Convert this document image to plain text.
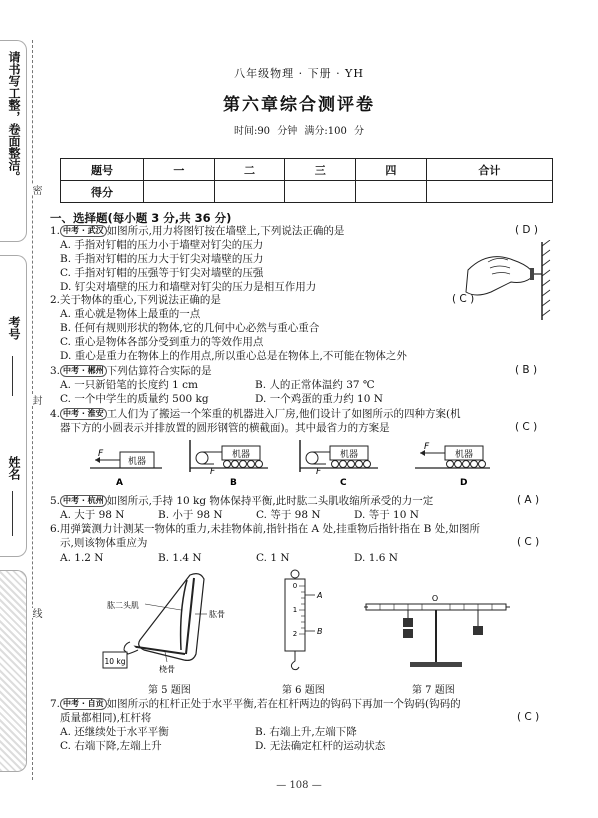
请书写工整，卷面整洁。
考号
姓名
密
封
线
八年级物理 · 下册 · YH
第六章综合测评卷
时间:90 分钟 满分:100 分
题号	一	二	三	四	合计
得分					
一、选择题(每小题 3 分,共 36 分)
1. 中考 · 武汉 如图所示,用力将图钉按在墙壁上,下列说法正确的是	( D )
A. 手指对钉帽的压力小于墙壁对钉尖的压力
B. 手指对钉帽的压力大于钉尖对墙壁的压力
C. 手指对钉帽的压强等于钉尖对墙壁的压强
D. 钉尖对墙壁的压力和墙壁对钉尖的压力是相互作用力
2.关于物体的重心,下列说法正确的是	( C )
A. 重心就是物体上最重的一点
B. 任何有规则形状的物体,它的几何中心必然与重心重合
C. 重心是物体各部分受到重力的等效作用点
D. 重心是重力在物体上的作用点,所以重心总是在物体上,不可能在物体之外
3. 中考 · 郴州 下列估算符合实际的是	( B )
A. 一只新铅笔的长度约 1 cm	B. 人的正常体温约 37 ℃
C. 一个中学生的质量约 500 kg	D. 一个鸡蛋的重力约 10 N
4. 中考 · 淮安 工人们为了搬运一个笨重的机器进入厂房,他们设计了如图所示的四种方案(机
器下方的小圆表示并排放置的圆形钢管的横截面)。其中最省力的方案是	( C )
机器
F
A
机器
F
B
机器
F
C
机器
F
D
5. 中考 · 杭州 如图所示,手持 10 kg 物体保持平衡,此时肱二头肌收缩所承受的力一定	( A )
A. 大于 98 N	B. 小于 98 N	C. 等于 98 N	D. 等于 10 N
6.用弹簧测力计测某一物体的重力,未挂物体前,指针指在 A 处,挂重物后指针指在 B 处,如图所
示,则该物体重应为	( C )
A. 1.2 N	B. 1.4 N	C. 1 N	D. 1.6 N
10 kg
肱二头肌
肱骨
桡骨
第 5 题图
0
1
2
A
B
第 6 题图
O
第 7 题图
7. 中考 · 自贡 如图所示的杠杆正处于水平平衡,若在杠杆两边的钩码下再加一个钩码(钩码的
质量都相同),杠杆将	( C )
A. 还继续处于水平平衡	B. 右端上升,左端下降
C. 右端下降,左端上升	D. 无法确定杠杆的运动状态
— 108 —
